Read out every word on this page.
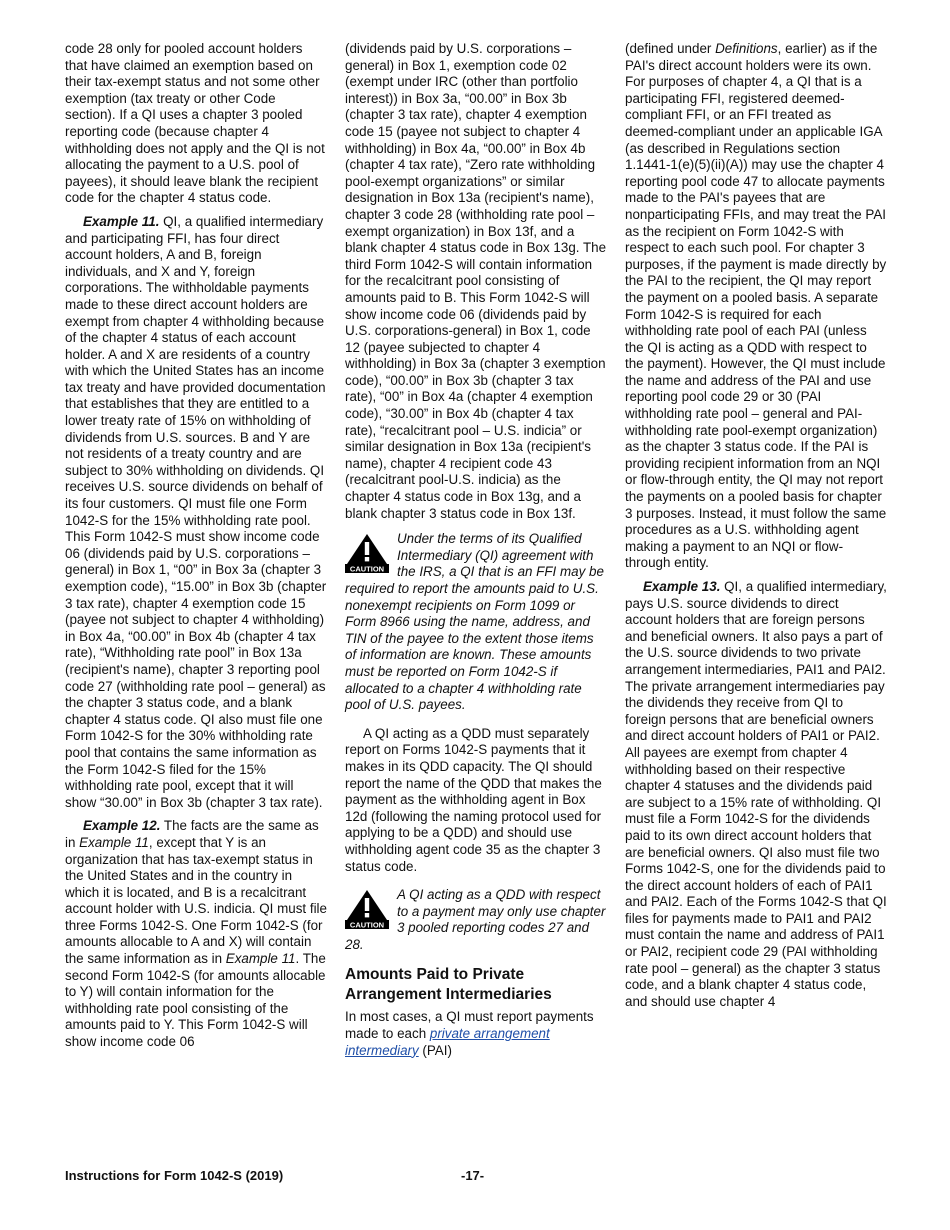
code 28 only for pooled account holders that have claimed an exemption based on their tax-exempt status and not some other exemption (tax treaty or other Code section). If a QI uses a chapter 3 pooled reporting code (because chapter 4 withholding does not apply and the QI is not allocating the payment to a U.S. pool of payees), it should leave blank the recipient code for the chapter 4 status code.

Example 11. QI, a qualified intermediary and participating FFI, has four direct account holders, A and B, foreign individuals, and X and Y, foreign corporations. The withholdable payments made to these direct account holders are exempt from chapter 4 withholding because of the chapter 4 status of each account holder. A and X are residents of a country with which the United States has an income tax treaty and have provided documentation that establishes that they are entitled to a lower treaty rate of 15% on withholding of dividends from U.S. sources. B and Y are not residents of a treaty country and are subject to 30% withholding on dividends. QI receives U.S. source dividends on behalf of its four customers. QI must file one Form 1042-S for the 15% withholding rate pool. This Form 1042-S must show income code 06 (dividends paid by U.S. corporations – general) in Box 1, “00” in Box 3a (chapter 3 exemption code), “15.00” in Box 3b (chapter 3 tax rate), chapter 4 exemption code 15 (payee not subject to chapter 4 withholding) in Box 4a, “00.00” in Box 4b (chapter 4 tax rate), “Withholding rate pool” in Box 13a (recipient's name), chapter 3 reporting pool code 27 (withholding rate pool – general) as the chapter 3 status code, and a blank chapter 4 status code. QI also must file one Form 1042-S for the 30% withholding rate pool that contains the same information as the Form 1042-S filed for the 15% withholding rate pool, except that it will show “30.00” in Box 3b (chapter 3 tax rate).

Example 12. The facts are the same as in Example 11, except that Y is an organization that has tax-exempt status in the United States and in the country in which it is located, and B is a recalcitrant account holder with U.S. indicia. QI must file three Forms 1042-S. One Form 1042-S (for amounts allocable to A and X) will contain the same information as in Example 11. The second Form 1042-S (for amounts allocable to Y) will contain information for the withholding rate pool consisting of the amounts paid to Y. This Form 1042-S will show income code 06

(dividends paid by U.S. corporations – general) in Box 1, exemption code 02 (exempt under IRC (other than portfolio interest)) in Box 3a, “00.00” in Box 3b (chapter 3 tax rate), chapter 4 exemption code 15 (payee not subject to chapter 4 withholding) in Box 4a, “00.00” in Box 4b (chapter 4 tax rate), “Zero rate withholding pool-exempt organizations” or similar designation in Box 13a (recipient's name), chapter 3 code 28 (withholding rate pool – exempt organization) in Box 13f, and a blank chapter 4 status code in Box 13g. The third Form 1042-S will contain information for the recalcitrant pool consisting of amounts paid to B. This Form 1042-S will show income code 06 (dividends paid by U.S. corporations-general) in Box 1, code 12 (payee subjected to chapter 4 withholding) in Box 3a (chapter 3 exemption code), “00.00” in Box 3b (chapter 3 tax rate), “00” in Box 4a (chapter 4 exemption code), “30.00” in Box 4b (chapter 4 tax rate), “recalcitrant pool – U.S. indicia” or similar designation in Box 13a (recipient's name), chapter 4 recipient code 43 (recalcitrant pool-U.S. indicia) as the chapter 4 status code in Box 13g, and a blank chapter 3 status code in Box 13f.

CAUTION

Under the terms of its Qualified Intermediary (QI) agreement with the IRS, a QI that is an FFI may be required to report the amounts paid to U.S. nonexempt recipients on Form 1099 or Form 8966 using the name, address, and TIN of the payee to the extent those items of information are known. These amounts must be reported on Form 1042-S if allocated to a chapter 4 withholding rate pool of U.S. payees.

A QI acting as a QDD must separately report on Forms 1042-S payments that it makes in its QDD capacity. The QI should report the name of the QDD that makes the payment as the withholding agent in Box 12d (following the naming protocol used for applying to be a QDD) and should use withholding agent code 35 as the chapter 3 status code.

CAUTION

A QI acting as a QDD with respect to a payment may only use chapter 3 pooled reporting codes 27 and 28.

Amounts Paid to Private Arrangement Intermediaries

In most cases, a QI must report payments made to each private arrangement intermediary (PAI)

(defined under Definitions, earlier) as if the PAI's direct account holders were its own. For purposes of chapter 4, a QI that is a participating FFI, registered deemed-compliant FFI, or an FFI treated as deemed-compliant under an applicable IGA (as described in Regulations section 1.1441-1(e)(5)(ii)(A)) may use the chapter 4 reporting pool code 47 to allocate payments made to the PAI's payees that are nonparticipating FFIs, and may treat the PAI as the recipient on Form 1042-S with respect to each such pool. For chapter 3 purposes, if the payment is made directly by the PAI to the recipient, the QI may report the payment on a pooled basis. A separate Form 1042-S is required for each withholding rate pool of each PAI (unless the QI is acting as a QDD with respect to the payment). However, the QI must include the name and address of the PAI and use reporting pool code 29 or 30 (PAI withholding rate pool – general and PAI-withholding rate pool-exempt organization) as the chapter 3 status code. If the PAI is providing recipient information from an NQI or flow-through entity, the QI may not report the payments on a pooled basis for chapter 3 purposes. Instead, it must follow the same procedures as a U.S. withholding agent making a payment to an NQI or flow-through entity.

Example 13. QI, a qualified intermediary, pays U.S. source dividends to direct account holders that are foreign persons and beneficial owners. It also pays a part of the U.S. source dividends to two private arrangement intermediaries, PAI1 and PAI2. The private arrangement intermediaries pay the dividends they receive from QI to foreign persons that are beneficial owners and direct account holders of PAI1 or PAI2. All payees are exempt from chapter 4 withholding based on their respective chapter 4 statuses and the dividends paid are subject to a 15% rate of withholding. QI must file a Form 1042-S for the dividends paid to its own direct account holders that are beneficial owners. QI also must file two Forms 1042-S, one for the dividends paid to the direct account holders of each of PAI1 and PAI2. Each of the Forms 1042-S that QI files for payments made to PAI1 and PAI2 must contain the name and address of PAI1 or PAI2, recipient code 29 (PAI withholding rate pool – general) as the chapter 3 status code, and a blank chapter 4 status code, and should use chapter 4

Instructions for Form 1042-S (2019)	-17-
